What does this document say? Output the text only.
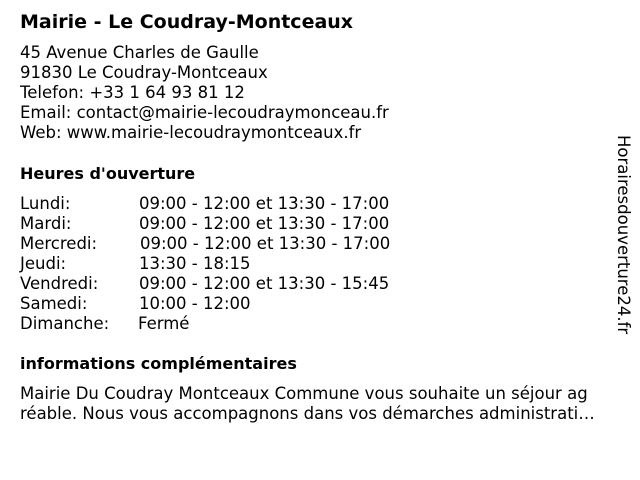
Mairie - Le Coudray-Montceaux
45 Avenue Charles de Gaulle
91830 Le Coudray-Montceaux
Telefon: +33 1 64 93 81 12
Email: contact@mairie-lecoudraymonceau.fr
Web: www.mairie-lecoudraymontceaux.fr
Heures d'ouverture
Lundi:	09:00 - 12:00 et 13:30 - 17:00
Mardi:	09:00 - 12:00 et 13:30 - 17:00
Mercredi:	09:00 - 12:00 et 13:30 - 17:00
Jeudi:	13:30 - 18:15
Vendredi: 09:00 - 12:00 et 13:30 - 15:45
Samedi:	10:00 - 12:00
Dimanche: Fermé
informations complémentaires
Mairie Du Coudray Montceaux Commune vous souhaite un séjour ag
réable. Nous vous accompagnons dans vos démarches administrati…
Horairesdouverture24.fr
